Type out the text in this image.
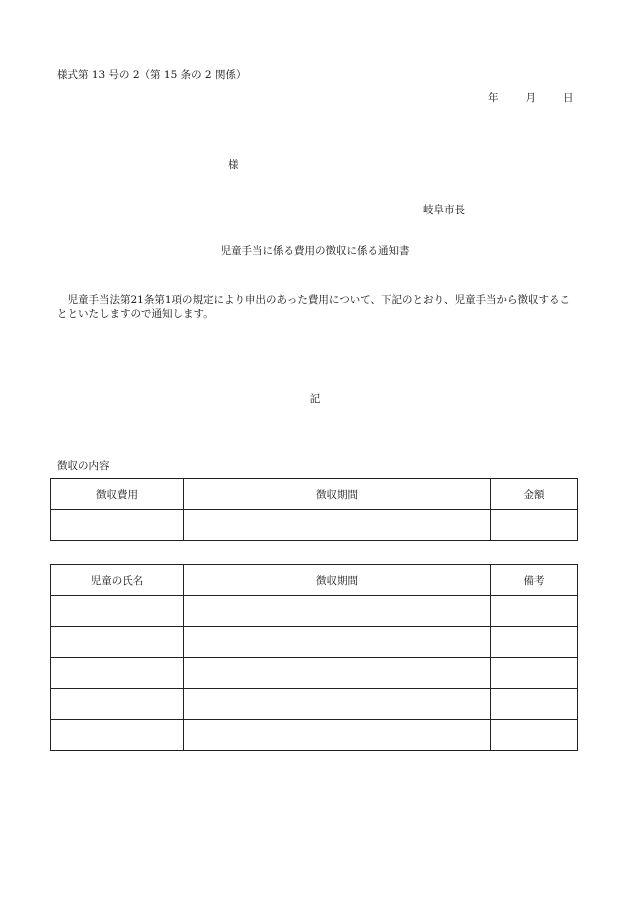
様式第 13 号の 2（第 15 条の 2 関係）
年	月	日
様
岐阜市長
児童手当に係る費用の徴収に係る通知書
児童手当法第21条第1項の規定により申出のあった費用について、下記のとおり、児童手当から徴収することといたしますので通知します。
記
徴収の内容
徴収費用	徴収期間	金額

児童の氏名	徴収期間	備考
